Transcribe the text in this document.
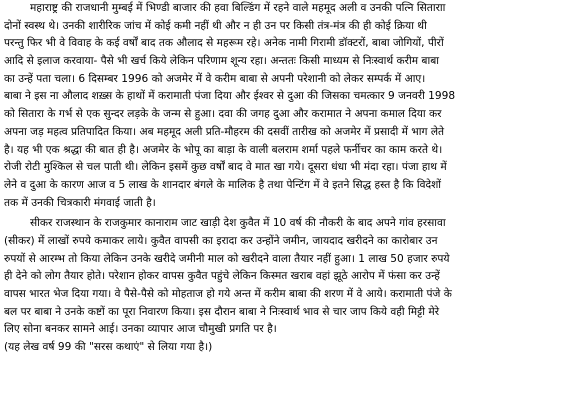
महाराष्ट्र की राजधानी मुम्बई में भिण्डी बाजार की हवा बिल्डिंग में रहने वाले महमूद अली व उनकी पत्नि सिताराा
दोनों स्वस्थ थे। उनकी शारीरिक जांच में कोई कमी नहीं थी और न ही उन पर किसी तंत्र-मंत्र की ही कोई क्रिया थी
परन्तु फिर भी वे विवाह के कई वर्षों बाद तक औलाद से महरूम रहे। अनेक नामी गिरामी डॉक्टरों, बाबा जोगियों, पीरों
आदि से इलाज करवाया- पैसे भी खर्च किये लेकिन परिणाम शून्य रहा। अन्ततः किसी माध्यम से निःस्वार्थ करीम बाबा
का उन्हें पता चला। 6 दिसम्बर 1996 को अजमेर में वे करीम बाबा से अपनी परेशानी को लेकर सम्पर्क में आए।
बाबा ने इस ना औलाद शख़्स के हाथों में करामाती पंजा दिया और ईश्वर से दुआ की जिसका चमत्कार 9 जनवरी 1998
को सितारा के गर्भ से एक सुन्दर लड़के के जन्म से हुआ। दवा की जगह दुआ और करामात ने अपना कमाल दिया कर
अपना जड़ महत्व प्रतिपादित किया। अब महमूद अली प्रति-मौहरम की दसवीं तारीख को अजमेर में प्रसादी में भाग लेते
है। यह भी एक श्रद्धा की बात ही है। अजमेर के भोपू का बाड़ा के वाली बलराम शर्मा पहले फर्नीचर का काम करते थे।
रोजी रोटी मुश्किल से चल पाती थी। लेकिन इसमें कुछ वर्षों बाद वे मात खा गये। दूसरा धंधा भी मंदा रहा। पंजा हाथ में
लेने व दुआ के कारण आज व 5 लाख के शानदार बंगले के मालिक है तथा पेन्टिंग में वे इतने सिद्ध हस्त है कि विदेशों
तक में उनकी चित्रकारी मंगवाई जाती है।
सीकर राजस्थान के राजकुमार कानाराम जाट खाड़ी देश कुवैत में 10 वर्ष की नौकरी के बाद अपने गांव हरसावा
(सीकर) में लाखों रुपये कमाकर लाये। कुवैत वापसी का इरादा कर उन्होंने जमीन, जायदाद खरीदने का कारोबार उन
रुपयों से आरम्भ तो किया लेकिन उनके खरीदे जमीनी माल को खरीदने वाला तैयार नहीं हुआ। 1 लाख 50 हजार रुपये
ही देने को लोग तैयार होते। परेशान होकर वापस कुवैत पहुंचे लेकिन किस्मत खराब वहां झूठे आरोप में फंसा कर उन्हें
वापस भारत भेज दिया गया। वे पैसे-पैसे को मोहताज हो गये अन्त में करीम बाबा की शरण में वे आये। करामाती पंजे के
बल पर बाबा ने उनके कष्टों का पूरा निवारण किया। इस दौरान बाबा ने निःस्वार्थ भाव से चार जाप किये वही मिट्टी मेरे
लिए सोना बनकर सामने आई। उनका व्यापार आज चौमुखी प्रगति पर है।
(यह लेख वर्ष 99 की "सरस कथाएं" से लिया गया है।)
